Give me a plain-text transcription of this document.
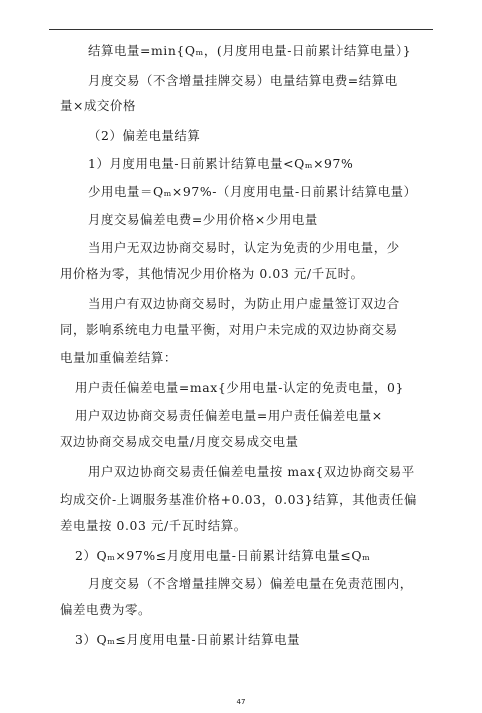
结算电量=min{Qₘ，(月度用电量-日前累计结算电量）}
月度交易（不含增量挂牌交易）电量结算电费=结算电
量×成交价格
（2）偏差电量结算
1）月度用电量-日前累计结算电量<Qₘ×97%
少用电量＝Qₘ×97%-（月度用电量-日前累计结算电量）
月度交易偏差电费=少用价格×少用电量
当用户无双边协商交易时，认定为免责的少用电量，少
用价格为零，其他情况少用价格为 0.03 元/千瓦时。
当用户有双边协商交易时，为防止用户虚量签订双边合
同，影响系统电力电量平衡，对用户未完成的双边协商交易
电量加重偏差结算：
用户责任偏差电量=max{少用电量-认定的免责电量，0}
用户双边协商交易责任偏差电量=用户责任偏差电量×
双边协商交易成交电量/月度交易成交电量
用户双边协商交易责任偏差电量按 max{双边协商交易平
均成交价-上调服务基准价格+0.03，0.03}结算，其他责任偏
差电量按 0.03 元/千瓦时结算。
2）Qₘ×97%≤月度用电量-日前累计结算电量≤Qₘ
月度交易（不含增量挂牌交易）偏差电量在免责范围内，
偏差电费为零。
3）Qₘ≤月度用电量-日前累计结算电量
47
